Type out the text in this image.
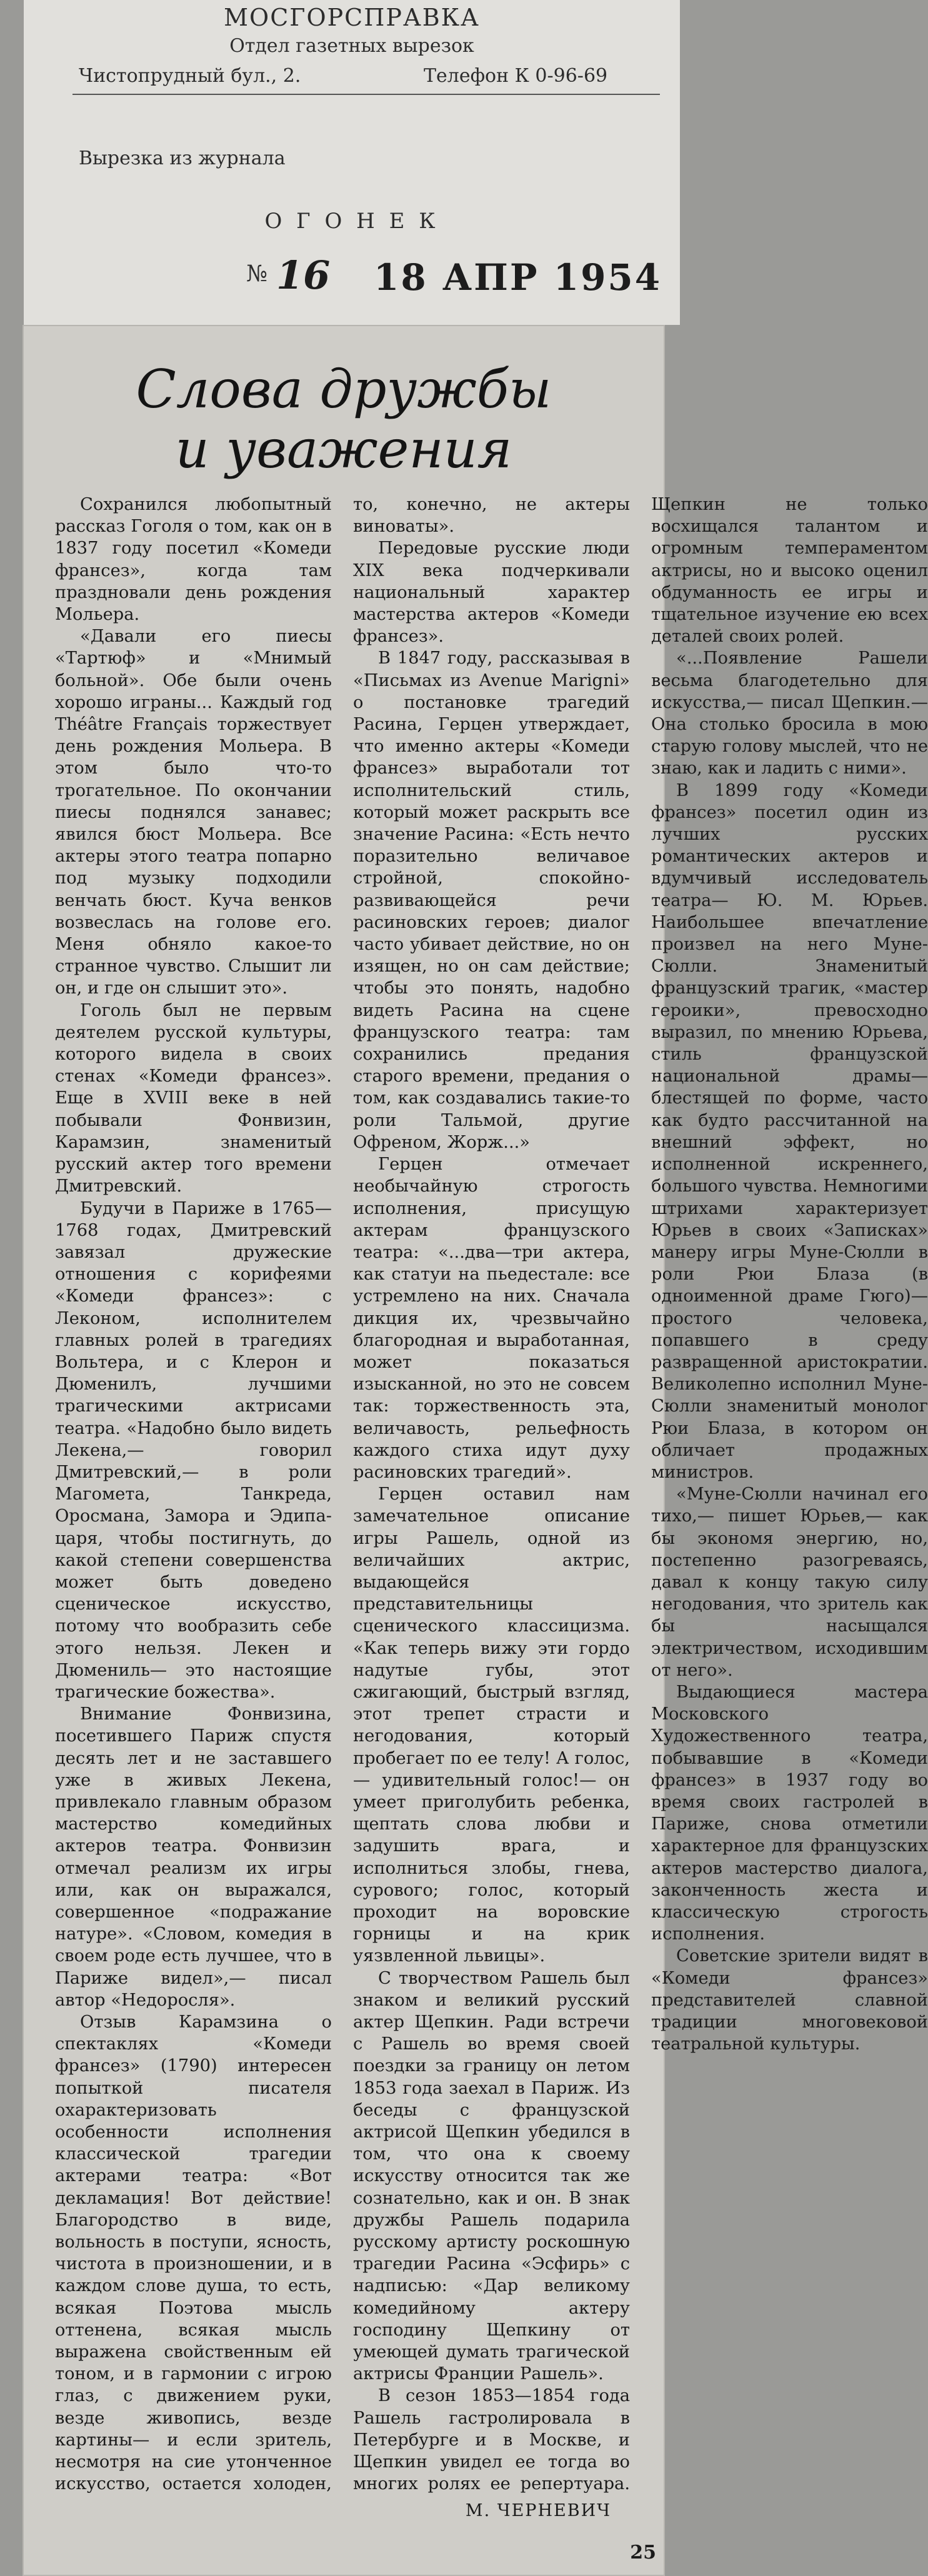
МОСГОРСПРАВКА
Отдел газетных вырезок
Чистопрудный бул., 2.	Телефон К 0-96-69
Вырезка из журнала
О Г О Н Е К
№ 16 18 АПР 1954
Слова дружбы
и уважения

Сохранился любопытный рассказ Гоголя о том, как он в 1837 году посетил «Комеди франсез», когда там праздновали день рождения Мольера.

«Давали его пиесы «Тартюф» и «Мнимый больной». Обе были очень хорошо играны... Каждый год Théâtre Français торжествует день рождения Мольера. В этом было что-то трогательное. По окончании пиесы поднялся занавес; явился бюст Мольера. Все актеры этого театра попарно под музыку подходили венчать бюст. Куча венков возвеслась на голове его. Меня обняло какое-то странное чувство. Слышит ли он, и где он слышит это».

Гоголь был не первым деятелем русской культуры, которого видела в своих стенах «Комеди франсез». Еще в XVIII веке в ней побывали Фонвизин, Карамзин, знаменитый русский актер того времени Дмитревский.

Будучи в Париже в 1765—1768 годах, Дмитревский завязал дружеские отношения с корифеями «Комеди франсез»: с Леконом, исполнителем главных ролей в трагедиях Вольтера, и с Клерон и Дюменилъ, лучшими трагическими актрисами театра. «Надобно было видеть Лекена,— говорил Дмитревский,— в роли Магомета, Танкреда, Оросмана, Замора и Эдипа-царя, чтобы постигнуть, до какой степени совершенства может быть доведено сценическое искусство, потому что вообразить себе этого нельзя. Лекен и Дюмениль— это настоящие трагические божества».

Внимание Фонвизина, посетившего Париж спустя десять лет и не заставшего уже в живых Лекена, привлекало главным образом мастерство комедийных актеров театра. Фонвизин отмечал реализм их игры или, как он выражался, совершенное «подражание натуре». «Словом, комедия в своем роде есть лучшее, что в Париже видел»,— писал автор «Недоросля».

Отзыв Карамзина о спектаклях «Комеди франсез» (1790) интересен попыткой писателя охарактеризовать особенности исполнения классической трагедии актерами театра: «Вот декламация! Вот действие! Благородство в виде, вольность в поступи, ясность, чистота в произношении, и в каждом слове душа, то есть, всякая Поэтова мысль оттенена, всякая мысль выражена свойственным ей тоном, и в гармонии с игрою глаз, с движением руки, везде живопись, везде картины— и если зритель, несмотря на сие утонченное искусство, остается холоден, то, конечно, не актеры виноваты».

Передовые русские люди XIX века подчеркивали национальный характер мастерства актеров «Комеди франсез».

В 1847 году, рассказывая в «Письмах из Avenue Marigni» о постановке трагедий Расина, Герцен утверждает, что именно актеры «Комеди франсез» выработали тот исполнительский стиль, который может раскрыть все значение Расина: «Есть нечто поразительно величавое стройной, спокойно-развивающейся речи расиновских героев; диалог часто убивает действие, но он изящен, но он сам действие; чтобы это понять, надобно видеть Расина на сцене французского театра: там сохранились предания старого времени, предания о том, как создавались такие-то роли Тальмой, другие Офреном, Жорж...»

Герцен отмечает необычайную строгость исполнения, присущую актерам французского театра: «...два—три актера, как статуи на пьедестале: все устремлено на них. Сначала дикция их, чрезвычайно благородная и выработанная, может показаться изысканной, но это не совсем так: торжественность эта, величавость, рельефность каждого стиха идут духу расиновских трагедий».

Герцен оставил нам замечательное описание игры Рашель, одной из величайших актрис, выдающейся представительницы сценического классицизма. «Как теперь вижу эти гордо надутые губы, этот сжигающий, быстрый взгляд, этот трепет страсти и негодования, который пробегает по ее телу! А голос,— удивительный голос!— он умеет приголубить ребенка, щептать слова любви и задушить врага, и исполниться злобы, гнева, сурового; голос, который проходит на воровские горницы и на крик уязвленной львицы».

С творчеством Рашель был знаком и великий русский актер Щепкин. Ради встречи с Рашель во время своей поездки за границу он летом 1853 года заехал в Париж. Из беседы с французской актрисой Щепкин убедился в том, что она к своему искусству относится так же сознательно, как и он. В знак дружбы Рашель подарила русскому артисту роскошную трагедии Расина «Эсфирь» с надписью: «Дар великому комедийному актеру господину Щепкину от умеющей думать трагической актрисы Франции Рашель».

В сезон 1853—1854 года Рашель гастролировала в Петербурге и в Москве, и Щепкин увидел ее тогда во многих ролях ее репертуара. Щепкин не только восхищался талантом и огромным темпераментом актрисы, но и высоко оценил обдуманность ее игры и тщательное изучение ею всех деталей своих ролей.

«...Появление Рашели весьма благодетельно для искусства,— писал Щепкин.— Она столько бросила в мою старую голову мыслей, что не знаю, как и ладить с ними».

В 1899 году «Комеди франсез» посетил один из лучших русских романтических актеров и вдумчивый исследователь театра— Ю. М. Юрьев. Наибольшее впечатление произвел на него Муне-Сюлли. Знаменитый французский трагик, «мастер героики», превосходно выразил, по мнению Юрьева, стиль французской национальной драмы— блестящей по форме, часто как будто рассчитанной на внешний эффект, но исполненной искреннего, большого чувства. Немногими штрихами характеризует Юрьев в своих «Записках» манеру игры Муне-Сюлли в роли Рюи Блаза (в одноименной драме Гюго)— простого человека, попавшего в среду развращенной аристократии. Великолепно исполнил Муне-Сюлли знаменитый монолог Рюи Блаза, в котором он обличает продажных министров.

«Муне-Сюлли начинал его тихо,— пишет Юрьев,— как бы экономя энергию, но, постепенно разогреваясь, давал к концу такую силу негодования, что зритель как бы насыщался электричеством, исходившим от него».

Выдающиеся мастера Московского Художественного театра, побывавшие в «Комеди франсез» в 1937 году во время своих гастролей в Париже, снова отметили характерное для французских актеров мастерство диалога, законченность жеста и классическую строгость исполнения.

Советские зрители видят в «Комеди франсез» представителей славной традиции многовековой театральной культуры.

М. ЧЕРНЕВИЧ
25
